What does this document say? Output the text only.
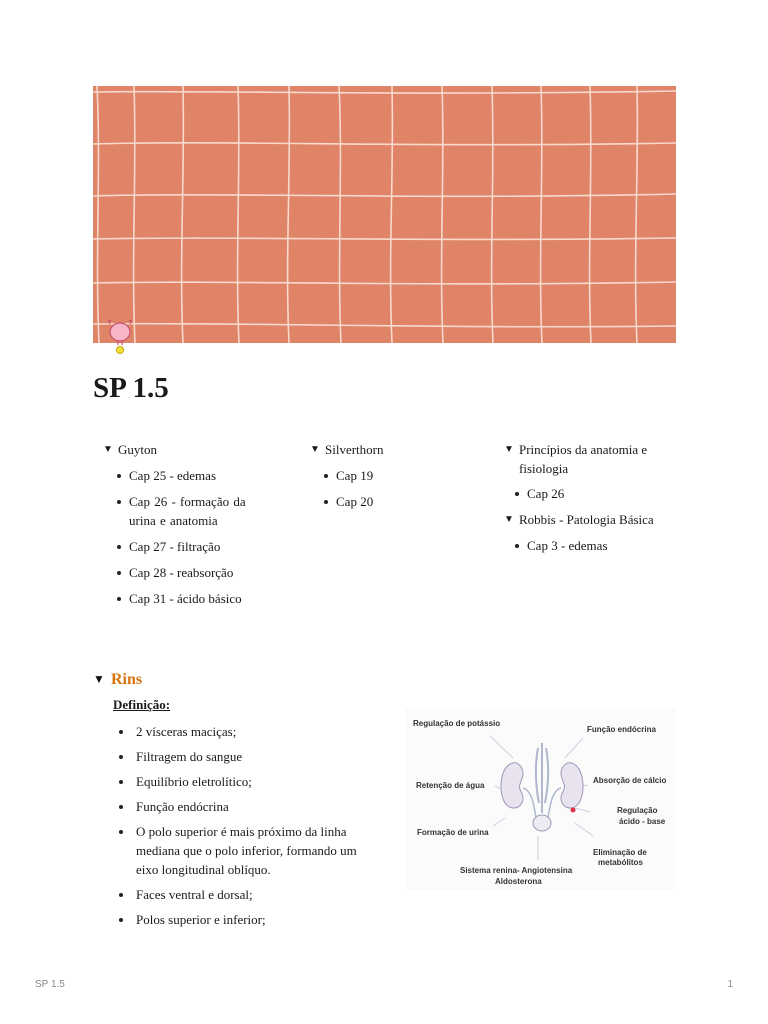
SP 1.5
▼ Guyton
Cap 25 - edemas
Cap 26 - formação da urina e anatomia
Cap 27 - filtração
Cap 28 - reabsorção
Cap 31 - ácido básico
▼ Silverthorn
Cap 19
Cap 20
▼ Princípios da anatomia e fisiologia
Cap 26
▼ Robbis - Patologia Básica
Cap 3 - edemas
▼ Rins
Definição:
2 vísceras maciças;
Filtragem do sangue
Equilíbrio eletrolítico;
Função endócrina
O polo superior é mais próximo da linha mediana que o polo inferior, formando um eixo longitudinal oblíquo.
Faces ventral e dorsal;
Polos superior e inferior;
Regulação de potássio
Função endócrina
Retenção de água
Absorção de cálcio
Regulação
ácido - base
Formação de urina
Eliminação de
metabólitos
Sistema renina- Angiotensina
Aldosterona
SP 1.5	1
